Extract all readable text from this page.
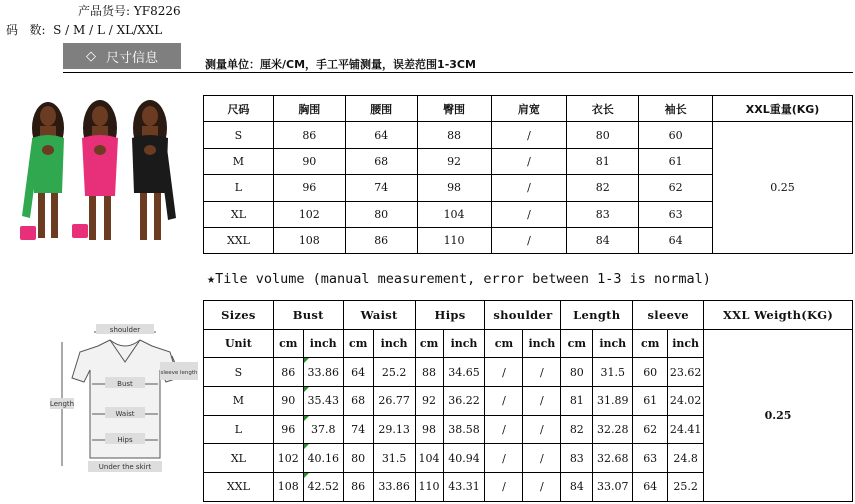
产品货号: YF8226
码   数:  S / M / L / XL/XXL
◇ 尺寸信息	测量单位：厘米/CM，手工平铺测量，误差范围1-3CM
尺码	胸围	腰围	臀围	肩宽	衣长	袖长	XXL重量(KG)
S	86	64	88	/	80	60	0.25
M	90	68	92	/	81	61	
L	96	74	98	/	82	62	
XL	102	80	104	/	83	63	
XXL	108	86	110	/	84	64	
★Tile volume (manual measurement, error between 1-3 is normal)
shoulder
sleeve length
Bust
Waist
Hips
Length
Under the skirt
Sizes	Bust		Waist		Hips		shoulder		Length		sleeve		XXL Weigth(KG)
Unit	cm	inch	cm	inch	cm	inch	cm	inch	cm	inch	cm	inch	0.25
S	86	33.86	64	25.2	88	34.65	/	/	80	31.5	60	23.62	
M	90	35.43	68	26.77	92	36.22	/	/	81	31.89	61	24.02	
L	96	37.8	74	29.13	98	38.58	/	/	82	32.28	62	24.41	
XL	102	40.16	80	31.5	104	40.94	/	/	83	32.68	63	24.8	
XXL	108	42.52	86	33.86	110	43.31	/	/	84	33.07	64	25.2	
